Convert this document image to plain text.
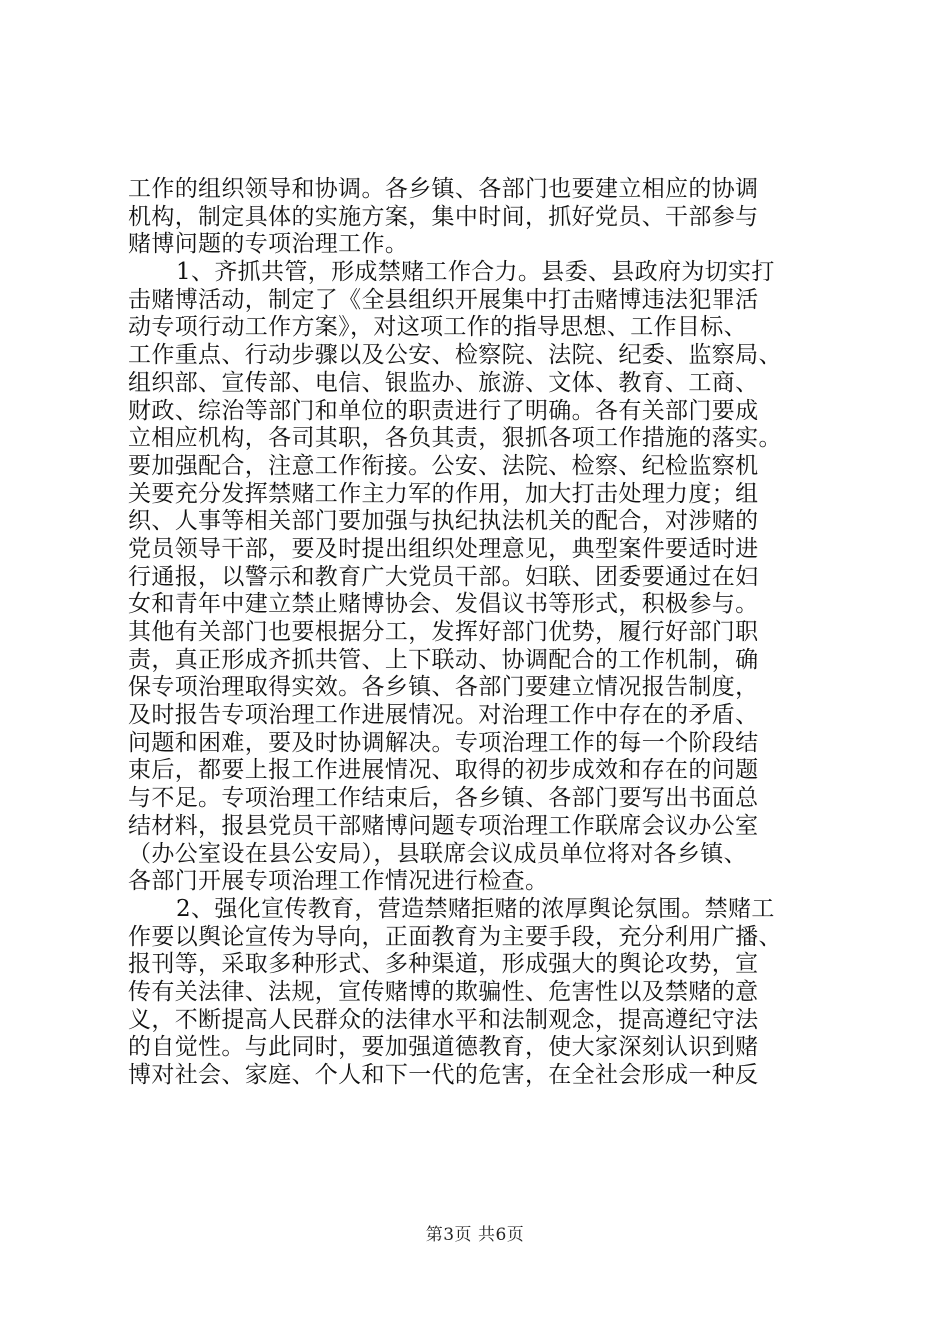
工作的组织领导和协调。各乡镇、各部门也要建立相应的协调
机构，制定具体的实施方案，集中时间，抓好党员、干部参与
赌博问题的专项治理工作。
1、齐抓共管，形成禁赌工作合力。县委、县政府为切实打
击赌博活动，制定了《全县组织开展集中打击赌博违法犯罪活
动专项行动工作方案》，对这项工作的指导思想、工作目标、
工作重点、行动步骤以及公安、检察院、法院、纪委、监察局、
组织部、宣传部、电信、银监办、旅游、文体、教育、工商、
财政、综治等部门和单位的职责进行了明确。各有关部门要成
立相应机构，各司其职，各负其责，狠抓各项工作措施的落实。
要加强配合，注意工作衔接。公安、法院、检察、纪检监察机
关要充分发挥禁赌工作主力军的作用，加大打击处理力度；组
织、人事等相关部门要加强与执纪执法机关的配合，对涉赌的
党员领导干部，要及时提出组织处理意见，典型案件要适时进
行通报，以警示和教育广大党员干部。妇联、团委要通过在妇
女和青年中建立禁止赌博协会、发倡议书等形式，积极参与。
其他有关部门也要根据分工，发挥好部门优势，履行好部门职
责，真正形成齐抓共管、上下联动、协调配合的工作机制，确
保专项治理取得实效。各乡镇、各部门要建立情况报告制度，
及时报告专项治理工作进展情况。对治理工作中存在的矛盾、
问题和困难，要及时协调解决。专项治理工作的每一个阶段结
束后，都要上报工作进展情况、取得的初步成效和存在的问题
与不足。专项治理工作结束后，各乡镇、各部门要写出书面总
结材料，报县党员干部赌博问题专项治理工作联席会议办公室
（办公室设在县公安局），县联席会议成员单位将对各乡镇、
各部门开展专项治理工作情况进行检查。
2、强化宣传教育，营造禁赌拒赌的浓厚舆论氛围。禁赌工
作要以舆论宣传为导向，正面教育为主要手段，充分利用广播、
报刊等，采取多种形式、多种渠道，形成强大的舆论攻势，宣
传有关法律、法规，宣传赌博的欺骗性、危害性以及禁赌的意
义，不断提高人民群众的法律水平和法制观念，提高遵纪守法
的自觉性。与此同时，要加强道德教育，使大家深刻认识到赌
博对社会、家庭、个人和下一代的危害，在全社会形成一种反
第3页 共6页
